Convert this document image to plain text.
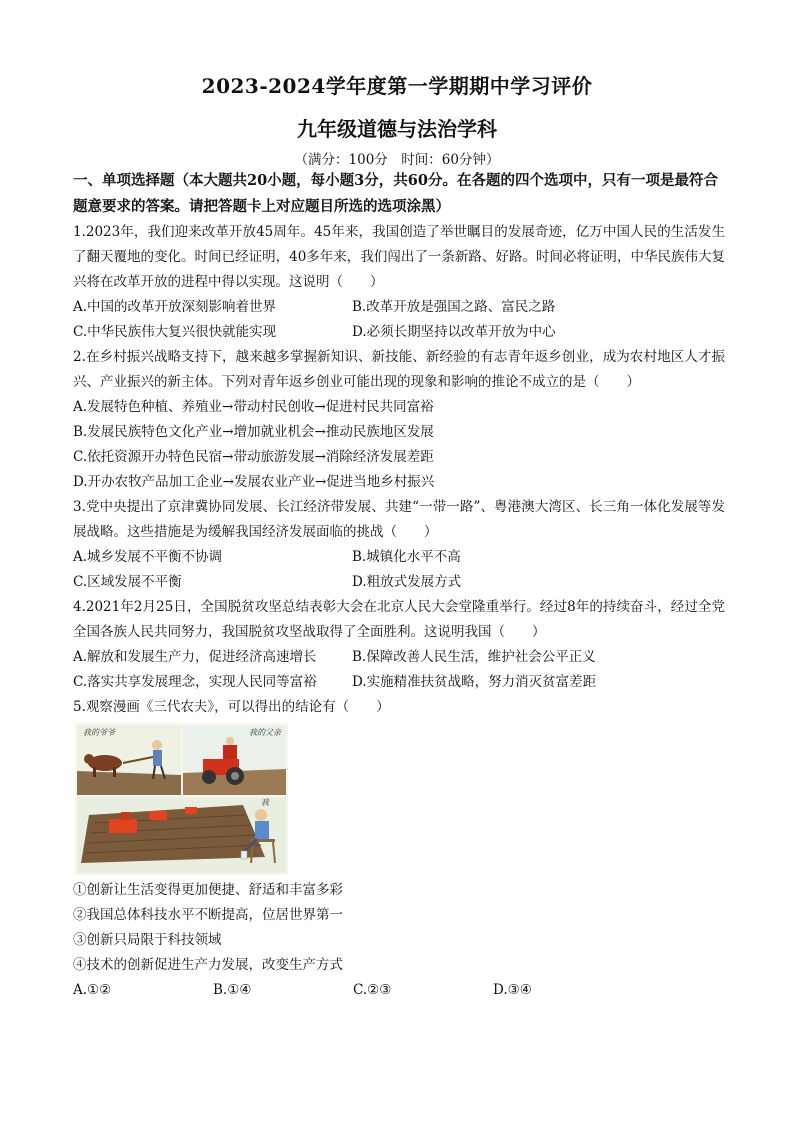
2023-2024学年度第一学期期中学习评价
九年级道德与法治学科
（满分：100分　时间：60分钟）

一、单项选择题（本大题共20小题，每小题3分，共60分。在各题的四个选项中，只有一项是最符合题意要求的答案。请把答题卡上对应题目所选的选项涂黑）

1.2023年，我们迎来改革开放45周年。45年来，我国创造了举世瞩目的发展奇迹，亿万中国人民的生活发生了翻天覆地的变化。时间已经证明，40多年来，我们闯出了一条新路、好路。时间必将证明，中华民族伟大复兴将在改革开放的进程中得以实现。这说明（　　）

A.中国的改革开放深刻影响着世界	B.改革开放是强国之路、富民之路
C.中华民族伟大复兴很快就能实现	D.必须长期坚持以改革开放为中心

2.在乡村振兴战略支持下，越来越多掌握新知识、新技能、新经验的有志青年返乡创业，成为农村地区人才振兴、产业振兴的新主体。下列对青年返乡创业可能出现的现象和影响的推论不成立的是（　　）

A.发展特色种植、养殖业→带动村民创收→促进村民共同富裕

B.发展民族特色文化产业→增加就业机会→推动民族地区发展

C.依托资源开办特色民宿→带动旅游发展→消除经济发展差距

D.开办农牧产品加工企业→发展农业产业→促进当地乡村振兴

3.党中央提出了京津冀协同发展、长江经济带发展、共建“一带一路”、粤港澳大湾区、长三角一体化发展等发展战略。这些措施是为缓解我国经济发展面临的挑战（　　）

A.城乡发展不平衡不协调	B.城镇化水平不高
C.区域发展不平衡	D.粗放式发展方式

4.2021年2月25日，全国脱贫攻坚总结表彰大会在北京人民大会堂隆重举行。经过8年的持续奋斗，经过全党全国各族人民共同努力，我国脱贫攻坚战取得了全面胜利。这说明我国（　　）

A.解放和发展生产力，促进经济高速增长	B.保障改善人民生活，维护社会公平正义
C.落实共享发展理念，实现人民同等富裕	D.实施精准扶贫战略，努力消灭贫富差距

5.观察漫画《三代农夫》，可以得出的结论有（　　）

我的爷爷	我的父亲
我

①创新让生活变得更加便捷、舒适和丰富多彩

②我国总体科技水平不断提高，位居世界第一

③创新只局限于科技领域

④技术的创新促进生产力发展，改变生产方式

A.①②	B.①④	C.②③	D.③④
